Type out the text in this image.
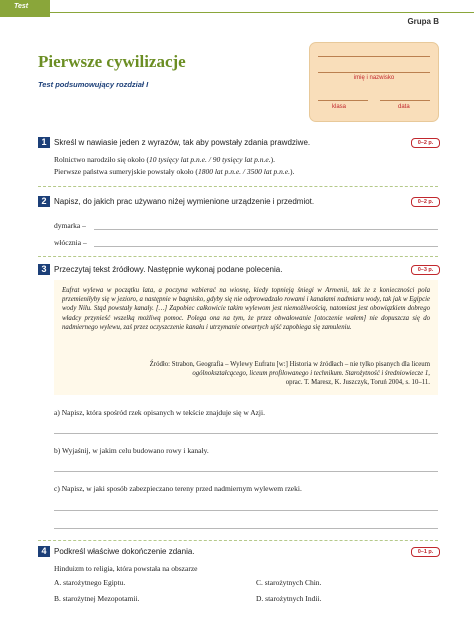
Test
Grupa B
Pierwsze cywilizacje
Test podsumowujący rozdział I
imię i nazwisko
klasa	data
1 Skreśl w nawiasie jeden z wyrazów, tak aby powstały zdania prawdziwe.	0–2 p.
Rolnictwo narodziło się około (10 tysięcy lat p.n.e. / 90 tysięcy lat p.n.e.).
Pierwsze państwa sumeryjskie powstały około (1800 lat p.n.e. / 3500 lat p.n.e.).
2 Napisz, do jakich prac używano niżej wymienione urządzenie i przedmiot.	0–2 p.
dymarka –
włócznia –
3 Przeczytaj tekst źródłowy. Następnie wykonaj podane polecenia.	0–3 p.

Eufrat wylewa w początku lata, a poczyna wzbierać na wiosnę, kiedy topnieją śniegi w Armenii, tak że z konieczności pola przemieniłyby się w jezioro, a następnie w bagnisko, gdyby się nie odprowadzało rowami i kanałami nadmiaru wody, tak jak w Egipcie wody Nilu. Stąd powstały kanały. […] Zapobiec całkowicie takim wylewom jest niemożliwością, natomiast jest obowiązkiem dobrego władcy przynieść wszelką możliwą pomoc. Polega ona na tym, że przez obwałowanie [otoczenie wałem] nie dopuszcza się do nadmiernego wylewu, zaś przez oczyszczenie kanału i utrzymanie otwartych ujść zapobiega się zamuleniu.

Źródło: Strabon, Geografia – Wylewy Eufratu [w:] Historia w źródłach – nie tylko pisanych dla liceum
ogólnokształcącego, liceum profilowanego i technikum. Starożytność i średniowiecze 1,
oprac. T. Maresz, K. Juszczyk, Toruń 2004, s. 10–11.
a) Napisz, która spośród rzek opisanych w tekście znajduje się w Azji.
b) Wyjaśnij, w jakim celu budowano rowy i kanały.
c) Napisz, w jaki sposób zabezpieczano tereny przed nadmiernym wylewem rzeki.
4 Podkreśl właściwe dokończenie zdania.	0–1 p.
Hinduizm to religia, która powstała na obszarze
A. starożytnego Egiptu.	C. starożytnych Chin.
B. starożytnej Mezopotamii.	D. starożytnych Indii.
